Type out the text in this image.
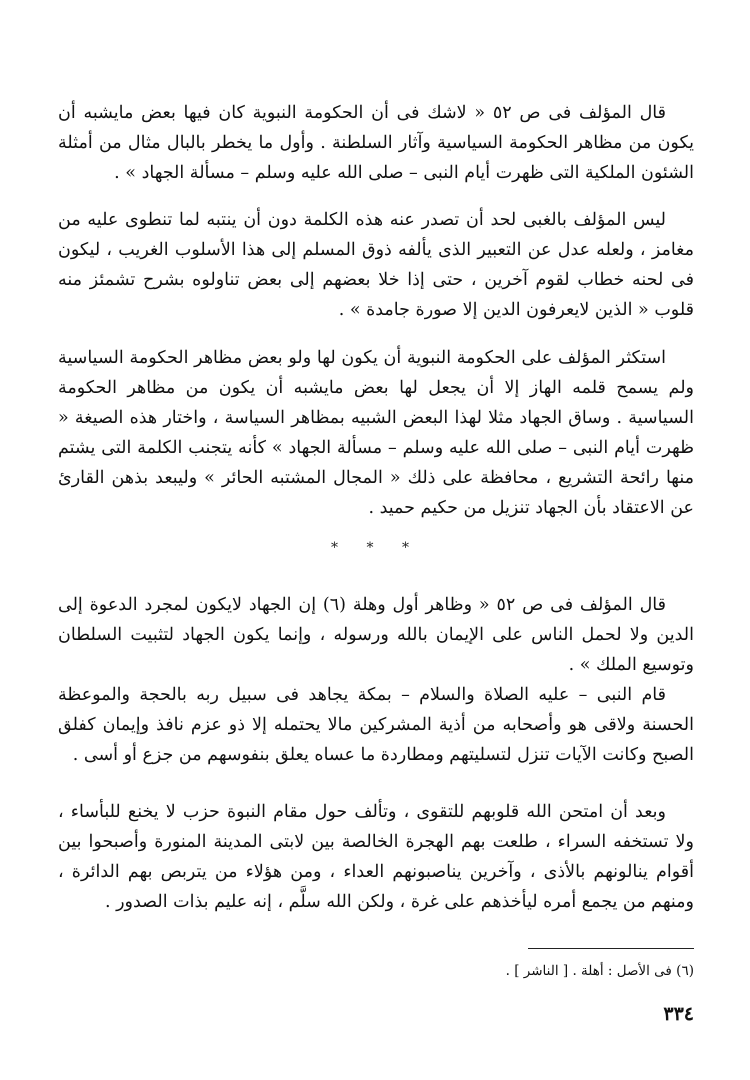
قال المؤلف فى ص ٥٢ « لاشك فى أن الحكومة النبوية كان فيها بعض مايشبه أن يكون من مظاهر الحكومة السياسية وآثار السلطنة . وأول ما يخطر بالبال مثال من أمثلة الشئون الملكية التى ظهرت أيام النبى – صلى الله عليه وسلم – مسألة الجهاد » .

ليس المؤلف بالغبى لحد أن تصدر عنه هذه الكلمة دون أن ينتبه لما تنطوى عليه من مغامز ، ولعله عدل عن التعبير الذى يألفه ذوق المسلم إلى هذا الأسلوب الغريب ، ليكون فى لحنه خطاب لقوم آخرين ، حتى إذا خلا بعضهم إلى بعض تناولوه بشرح تشمئز منه قلوب « الذين لايعرفون الدين إلا صورة جامدة » .

استكثر المؤلف على الحكومة النبوية أن يكون لها ولو بعض مظاهر الحكومة السياسية ولم يسمح قلمه الهاز إلا أن يجعل لها بعض مايشبه أن يكون من مظاهر الحكومة السياسية . وساق الجهاد مثلا لهذا البعض الشبيه بمظاهر السياسة ، واختار هذه الصيغة « ظهرت أيام النبى – صلى الله عليه وسلم – مسألة الجهاد » كأنه يتجنب الكلمة التى يشتم منها رائحة التشريع ، محافظة على ذلك « المجال المشتبه الحائر » وليبعد بذهن القارئ عن الاعتقاد بأن الجهاد تنزيل من حكيم حميد .

* * *

قال المؤلف فى ص ٥٢ « وظاهر أول وهلة (٦) إن الجهاد لايكون لمجرد الدعوة إلى الدين ولا لحمل الناس على الإيمان بالله ورسوله ، وإنما يكون الجهاد لتثبيت السلطان وتوسيع الملك » .

قام النبى – عليه الصلاة والسلام – بمكة يجاهد فى سبيل ربه بالحجة والموعظة الحسنة ولاقى هو وأصحابه من أذية المشركين مالا يحتمله إلا ذو عزم نافذ وإيمان كفلق الصبح وكانت الآيات تنزل لتسليتهم ومطاردة ما عساه يعلق بنفوسهم من جزع أو أسى .

وبعد أن امتحن الله قلوبهم للتقوى ، وتألف حول مقام النبوة حزب لا يخنع للبأساء ، ولا تستخفه السراء ، طلعت بهم الهجرة الخالصة بين لابتى المدينة المنورة وأصبحوا بين أقوام ينالونهم بالأذى ، وآخرين يناصبونهم العداء ، ومن هؤلاء من يتربص بهم الدائرة ، ومنهم من يجمع أمره ليأخذهم على غرة ، ولكن الله سلَّم ، إنه عليم بذات الصدور .

(٦) فى الأصل : أهلة . [ الناشر ] .

٣٣٤
